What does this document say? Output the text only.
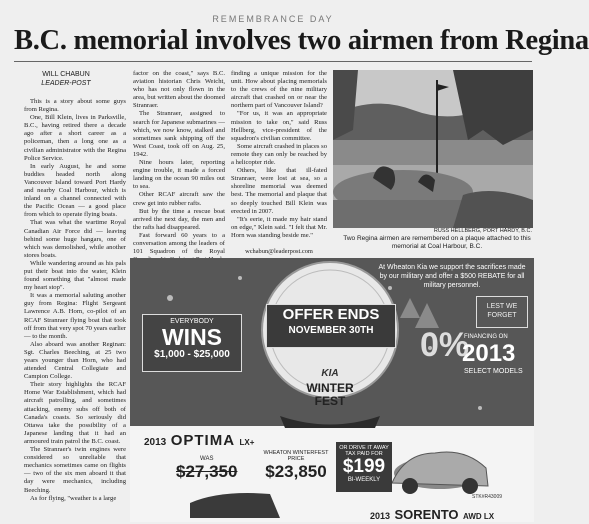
REMEMBRANCE DAY
B.C. memorial involves two airmen from Regina
WILL CHABUN
LEADER-POST

This is a story about some guys from Regina.

One, Bill Klein, lives in Parksville, B.C., having retired there a decade ago after a short career as a policeman, then a long one as a civilian administrator with the Regina Police Service.

In early August, he and some buddies headed north along Vancouver Island toward Port Hardy and nearby Coal Harbour, which is inland on a channel connected with the Pacific Ocean — a good place from which to operate flying boats.

That was what the wartime Royal Canadian Air Force did — leaving behind some huge hangars, one of which was demolished, while another stores boats.

While wandering around as his pals put their boat into the water, Klein found something that "almost made my heart stop".

It was a memorial saluting another guy from Regina: Flight Sergeant Lawrence A.B. Horn, co-pilot of an RCAF Stranraer flying boat that took off from that very spot 70 years earlier — to the month.

Also aboard was another Reginan: Sgt. Charles Beeching, at 25 two years younger than Horn, who had attended Central Collegiate and Campion College.

Their story highlights the RCAF Home War Establishment, which had aircraft patrolling, and sometimes attacking, enemy subs off both of Canada's coasts. So seriously did Ottawa take the possibility of a Japanese landing that it had an armoured train patrol the B.C. coast.

The Stranraer's twin engines were considered so unreliable that mechanics sometimes came on flights — two of the six men aboard it that day were mechanics, including Beeching.

As for flying, "weather is a large

factor on the coast," says B.C. aviation historian Chris Weicht, who has not only flown in the area, but written about the doomed Stranraer.

The Stranraer, assigned to search for Japanese submarines — which, we now know, stalked and sometimes sank shipping off the West Coast, took off on Aug. 25, 1942.

Nine hours later, reporting engine trouble, it made a forced landing on the ocean 90 miles out to sea.

Other RCAF aircraft saw the crew get into rubber rafts.

But by the time a rescue boat arrived the next day, the men and the rafts had disappeared.

Fast forward 60 years to a conversation among the leaders of 101 Squadron of the Royal

finding a unique mission for the unit. How about placing memorials to the crews of the nine military aircraft that crashed on or near the northern part of Vancouver Island?

"For us, it was an appropriate mission to take on," said Russ Hellberg, vice-president of the squadron's civilian committee.

Some aircraft crashed in places so remote they can only be reached by a helicopter ride.

Others, like that ill-fated Stranraer, were lost at sea, so a shoreline memorial was deemed best. The memorial and plaque that so deeply touched Bill Klein was erected in 2007.

"It's eerie, it made my hair stand on edge," Klein said. "I felt that Mr. Horn was standing beside me."

wchabun@leaderpost.com
RUSS HELLBERG, PORT HARDY, B.C.
Two Regina airmen are remembered on a plaque attached to this memorial at Coal Harbour, B.C.
EVERYBODY
WINS
$1,000 - $25,000
OFFER ENDS
NOVEMBER 30TH
KIA
WINTER
FEST
At Wheaton Kia we support the sacrifices made by our military and offer a $500 REBATE for all military personnel.
LEST WE
FORGET
0%
FINANCING ON
2013
SELECT MODELS
2013 OPTIMA LX+
WAS
$27,350
WHEATON WINTERFEST PRICE
$23,850
OR DRIVE IT AWAY
TAX PAID FOR
$199
BI-WEEKLY
STK#R43009
2013 SORENTO AWD LX
